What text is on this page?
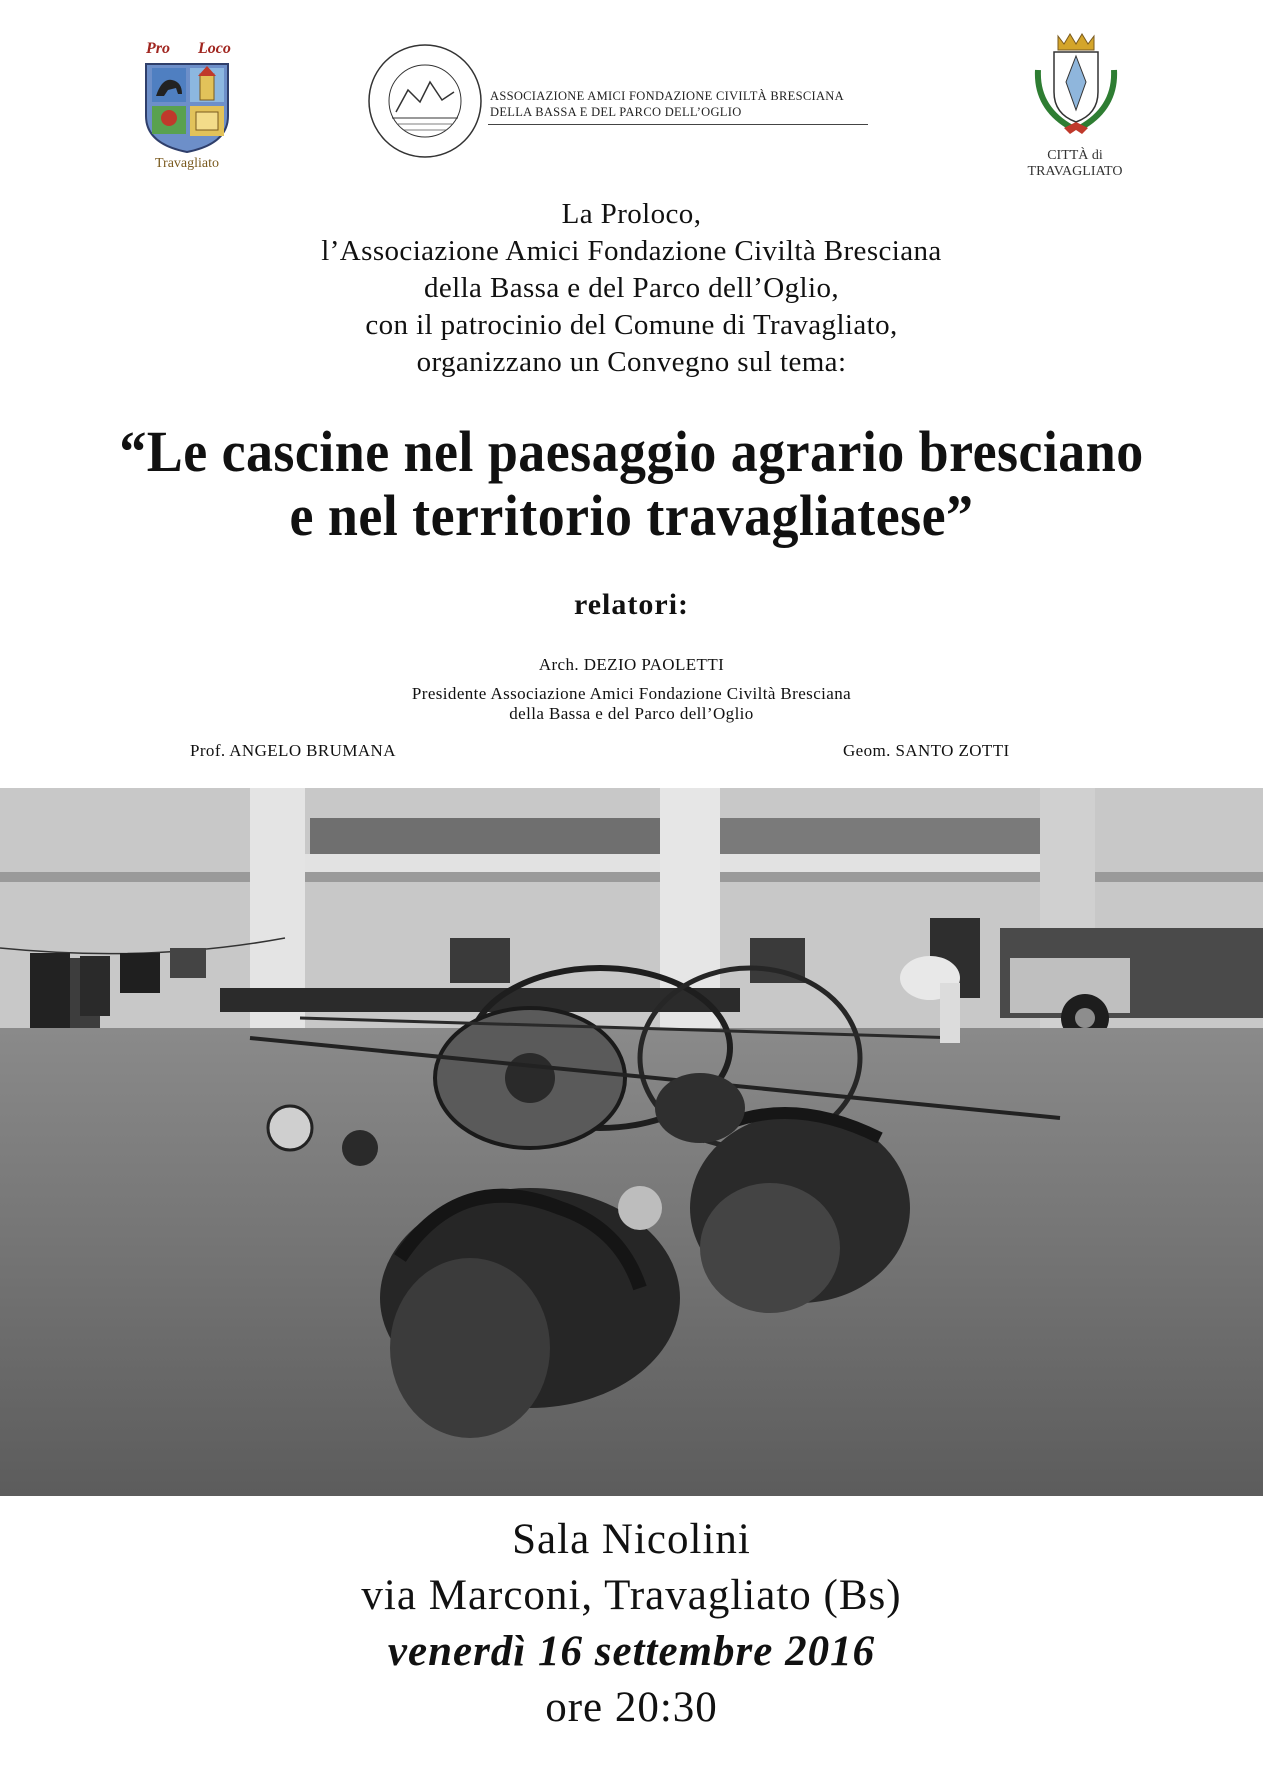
Pro Loco
Travagliato
ASSOCIAZIONE AMICI FONDAZIONE CIVILTÀ BRESCIANA
DELLA BASSA E DEL PARCO DELL’OGLIO
CITTÀ di
TRAVAGLIATO
La Proloco,
l’Associazione Amici Fondazione Civiltà Bresciana
della Bassa e del Parco dell’Oglio,
con il patrocinio del Comune di Travagliato,
organizzano un Convegno sul tema:
“Le cascine nel paesaggio agrario bresciano
e nel territorio travagliatese”
relatori:
Arch. DEZIO PAOLETTI
Presidente Associazione Amici Fondazione Civiltà Bresciana
della Bassa e del Parco dell’Oglio
Prof. ANGELO BRUMANA	Geom. SANTO ZOTTI
Sala Nicolini
via Marconi, Travagliato (Bs)
venerdì 16 settembre 2016
ore 20:30
